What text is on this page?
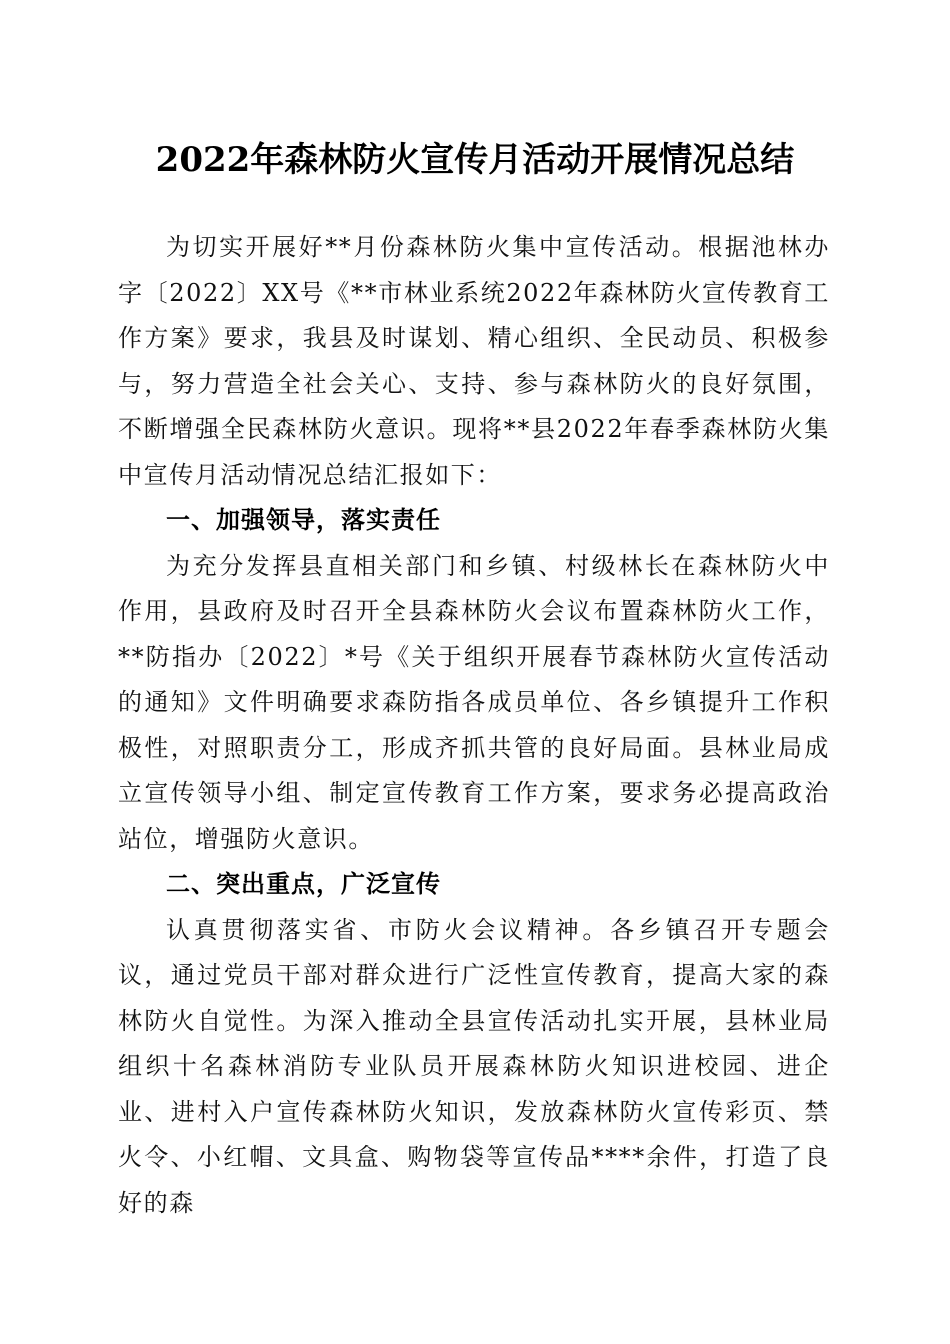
2022年森林防火宣传月活动开展情况总结

为切实开展好**月份森林防火集中宣传活动。根据池林办字〔2022〕XX号《**市林业系统2022年森林防火宣传教育工作方案》要求，我县及时谋划、精心组织、全民动员、积极参与，努力营造全社会关心、支持、参与森林防火的良好氛围，不断增强全民森林防火意识。现将**县2022年春季森林防火集中宣传月活动情况总结汇报如下：

一、加强领导，落实责任

为充分发挥县直相关部门和乡镇、村级林长在森林防火中作用，县政府及时召开全县森林防火会议布置森林防火工作，**防指办〔2022〕*号《关于组织开展春节森林防火宣传活动的通知》文件明确要求森防指各成员单位、各乡镇提升工作积极性，对照职责分工，形成齐抓共管的良好局面。县林业局成立宣传领导小组、制定宣传教育工作方案，要求务必提高政治站位，增强防火意识。

二、突出重点，广泛宣传

认真贯彻落实省、市防火会议精神。各乡镇召开专题会议，通过党员干部对群众进行广泛性宣传教育，提高大家的森林防火自觉性。为深入推动全县宣传活动扎实开展，县林业局组织十名森林消防专业队员开展森林防火知识进校园、进企业、进村入户宣传森林防火知识，发放森林防火宣传彩页、禁火令、小红帽、文具盒、购物袋等宣传品****余件，打造了良好的森
